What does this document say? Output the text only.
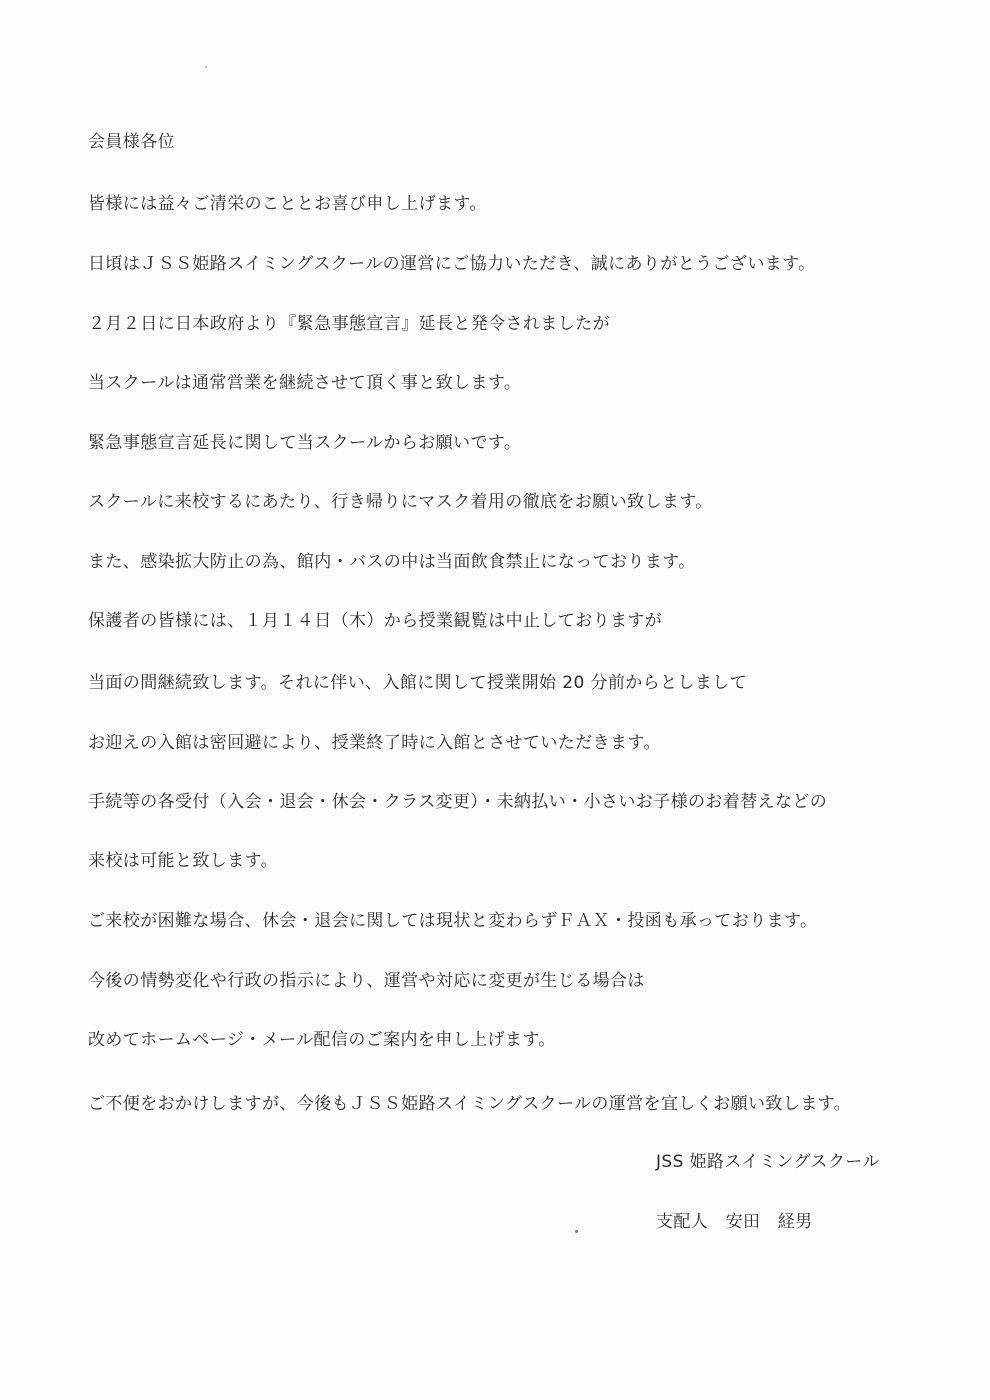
会員様各位
皆様には益々ご清栄のこととお喜び申し上げます。
日頃はＪＳＳ姫路スイミングスクールの運営にご協力いただき、誠にありがとうございます。
２月２日に日本政府より『緊急事態宣言』延長と発令されましたが
当スクールは通常営業を継続させて頂く事と致します。
緊急事態宣言延長に関して当スクールからお願いです。
スクールに来校するにあたり、行き帰りにマスク着用の徹底をお願い致します。
また、感染拡大防止の為、館内・バスの中は当面飲食禁止になっております。
保護者の皆様には、１月１４日（木）から授業観覧は中止しておりますが
当面の間継続致します。それに伴い、入館に関して授業開始 20 分前からとしまして
お迎えの入館は密回避により、授業終了時に入館とさせていただきます。
手続等の各受付（入会・退会・休会・クラス変更）・未納払い・小さいお子様のお着替えなどの
来校は可能と致します。
ご来校が困難な場合、休会・退会に関しては現状と変わらずＦＡＸ・投函も承っております。
今後の情勢変化や行政の指示により、運営や対応に変更が生じる場合は
改めてホームページ・メール配信のご案内を申し上げます。
ご不便をおかけしますが、今後もＪＳＳ姫路スイミングスクールの運営を宜しくお願い致します。
JSS 姫路スイミングスクール
支配人　安田　経男
